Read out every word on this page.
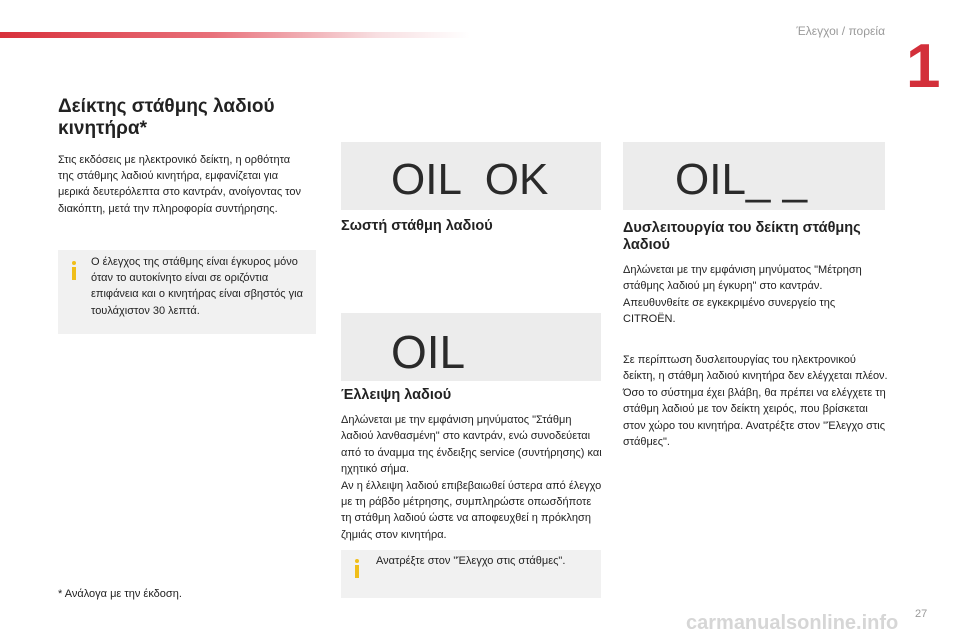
Έλεγχοι / πορεία
1
Δείκτης στάθμης λαδιού κινητήρα*

Στις εκδόσεις με ηλεκτρονικό δείκτη, η ορθότητα της στάθμης λαδιού κινητήρα, εμφανίζεται για μερικά δευτερόλεπτα στο καντράν, ανοίγοντας τον διακόπτη, μετά την πληροφορία συντήρησης.

Ο έλεγχος της στάθμης είναι έγκυρος μόνο όταν το αυτοκίνητο είναι σε οριζόντια επιφάνεια και ο κινητήρας είναι σβηστός για τουλάχιστον 30 λεπτά.

OIL  OK
Σωστή στάθμη λαδιού
OIL
Έλλειψη λαδιού

Δηλώνεται με την εμφάνιση μηνύματος "Στάθμη λαδιού λανθασμένη" στο καντράν, ενώ συνοδεύεται από το άναμμα της ένδειξης service (συντήρησης) και ηχητικό σήμα.
Αν η έλλειψη λαδιού επιβεβαιωθεί ύστερα από έλεγχο με τη ράβδο μέτρησης, συμπληρώστε οπωσδήποτε τη στάθμη λαδιού ώστε να αποφευχθεί η πρόκληση ζημιάς στον κινητήρα.

Ανατρέξτε στον "Έλεγχο στις στάθμες".

OIL_ _
Δυσλειτουργία του δείκτη στάθμης λαδιού

Δηλώνεται με την εμφάνιση μηνύματος "Μέτρηση στάθμης λαδιού μη έγκυρη" στο καντράν. Απευθυνθείτε σε εγκεκριμένο συνεργείο της CITROËN.

Σε περίπτωση δυσλειτουργίας του ηλεκτρονικού δείκτη, η στάθμη λαδιού κινητήρα δεν ελέγχεται πλέον.
Όσο το σύστημα έχει βλάβη, θα πρέπει να ελέγχετε τη στάθμη λαδιού με τον δείκτη χειρός, που βρίσκεται στον χώρο του κινητήρα. Ανατρέξτε στον "Έλεγχο στις στάθμες".

* Ανάλογα με την έκδοση.
27
carmanualsonline.info
